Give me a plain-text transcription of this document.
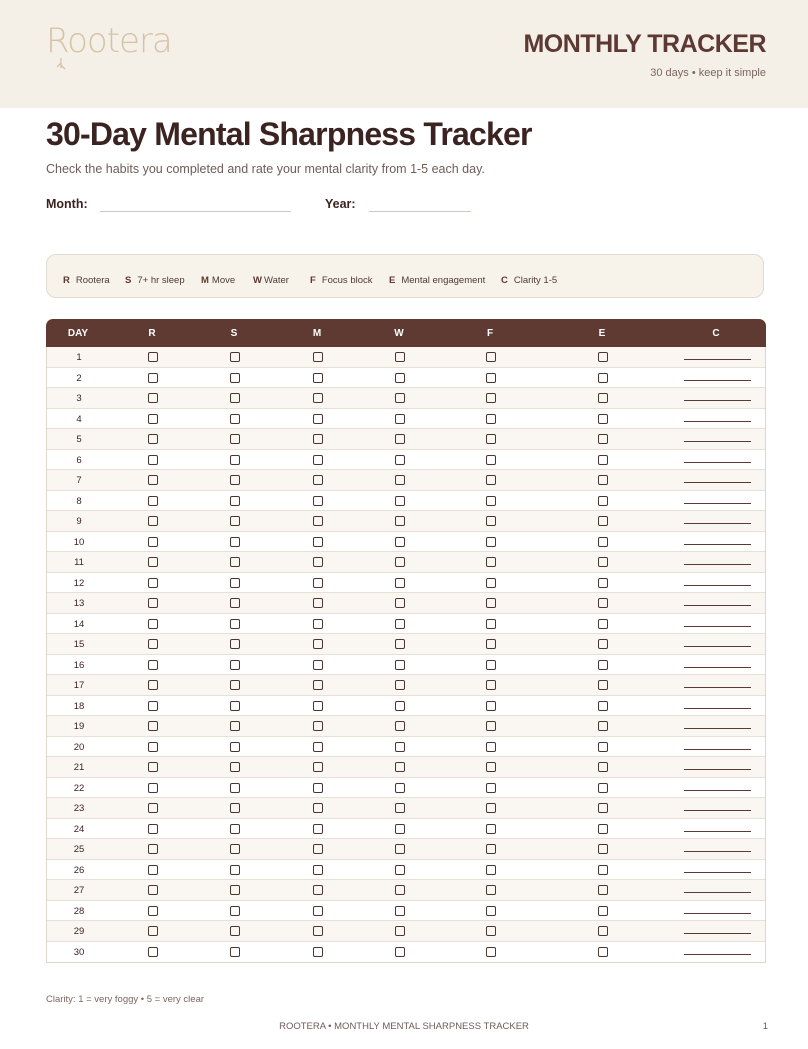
Rootera	MONTHLY TRACKER
30 days • keep it simple
30-Day Mental Sharpness Tracker
Check the habits you completed and rate your mental clarity from 1-5 each day.
Month:	Year:
R Rootera S 7+ hr sleep M Move W Water F Focus block E Mental engagement C Clarity 1-5
DAY	R	S	M	W	F	E	C
1
2
3
4
5
6
7
8
9
10
11
12
13
14
15
16
17
18
19
20
21
22
23
24
25
26
27
28
29
30
Clarity: 1 = very foggy • 5 = very clear
ROOTERA • MONTHLY MENTAL SHARPNESS TRACKER	1
